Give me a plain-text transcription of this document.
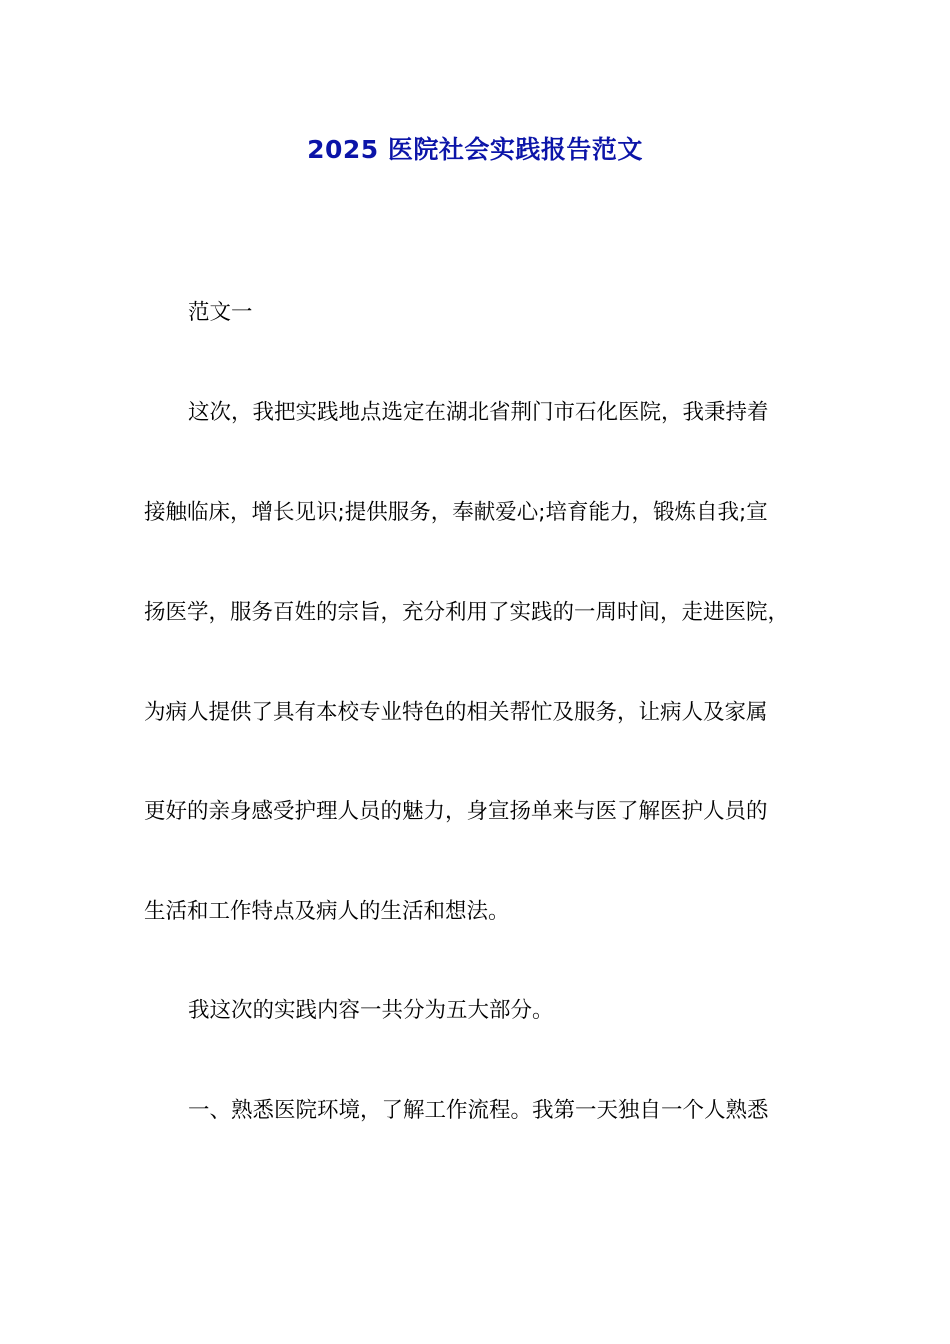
2025 医院社会实践报告范文
范文一
这次，我把实践地点选定在湖北省荆门市石化医院，我秉持着
接触临床，增长见识;提供服务，奉献爱心;培育能力，锻炼自我;宣
扬医学，服务百姓的宗旨，充分利用了实践的一周时间，走进医院，
为病人提供了具有本校专业特色的相关帮忙及服务，让病人及家属
更好的亲身感受护理人员的魅力，身宣扬单来与医了解医护人员的
生活和工作特点及病人的生活和想法。
我这次的实践内容一共分为五大部分。
一、熟悉医院环境，了解工作流程。我第一天独自一个人熟悉
